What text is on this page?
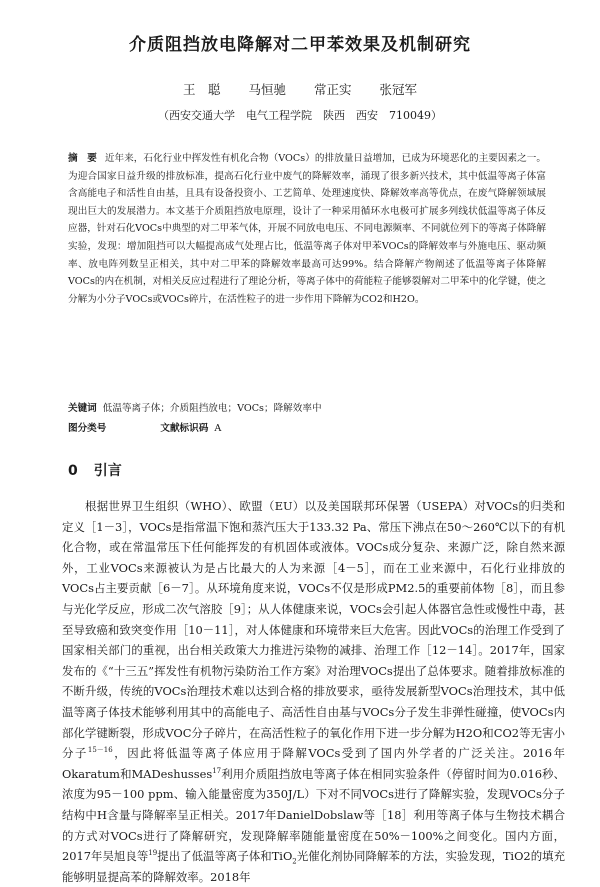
介质阻挡放电降解对二甲苯效果及机制研究
王　聪 马恒驰 常正实 张冠军
（西安交通大学　电气工程学院　陕西　西安　710049）
摘　要 近年来，石化行业中挥发性有机化合物（VOCs）的排放量日益增加，已成为环境恶化的主要因素之一。为迎合国家日益升级的排放标准，提高石化行业中废气的降解效率，涌现了很多新兴技术，其中低温等离子体富含高能电子和活性自由基，且具有设备投资小、工艺简单、处理速度快、降解效率高等优点，在废气降解领域展现出巨大的发展潜力。本文基于介质阻挡放电原理，设计了一种采用循环水电极可扩展多列线状低温等离子体反应器，针对石化VOCs中典型的对二甲苯气体，开展不同放电电压、不同电源频率、不同就位列下的等离子体降解实验，发现：增加阻挡可以大幅提高成气处理占比，低温等离子体对甲苯VOCs的降解效率与外施电压、驱动频率、放电阵列数呈正相关，其中对二甲苯的降解效率最高可达99%。结合降解产物阐述了低温等离子体降解VOCs的内在机制，对相关反应过程进行了理论分析，等离子体中的荷能粒子能够裂解对二甲苯中的化学键，使之分解为小分子VOCs或VOCs碎片，在活性粒子的进一步作用下降解为CO2和H2O。
关键词 低温等离子体；介质阻挡放电；VOCs；降解效率中
图分类号	文献标识码 A
0 引言
根据世界卫生组织（WHO）、欧盟（EU）以及美国联邦环保署（USEPA）对VOCs的归类和定义［1－3］，VOCs是指常温下饱和蒸汽压大于133.32 Pa、常压下沸点在50～260℃以下的有机化合物，或在常温常压下任何能挥发的有机固体或液体。VOCs成分复杂、来源广泛，除自然来源外，工业VOCs来源被认为是占比最大的人为来源［4－5］，而在工业来源中，石化行业排放的VOCs占主要贡献［6－7］。从环境角度来说，VOCs不仅是形成PM2.5的重要前体物［8］，而且参与光化学反应，形成二次气溶胶［9］；从人体健康来说，VOCs会引起人体器官急性或慢性中毒，甚至导致癌和致突变作用［10－11］，对人体健康和环境带来巨大危害。因此VOCs的治理工作受到了国家相关部门的重视，出台相关政策大力推进污染物的减排、治理工作［12－14］。2017年，国家发布的《“十三五”挥发性有机物污染防治工作方案》对治理VOCs提出了总体要求。随着排放标准的不断升级，传统的VOCs治理技术难以达到合格的排放要求，亟待发展新型VOCs治理技术，其中低温等离子体技术能够利用其中的高能电子、高活性自由基与VOCs分子发生非弹性碰撞，使VOCs内部化学键断裂，形成VOC分子碎片，在高活性粒子的氧化作用下进一步分解为H2O和CO2等无害小分子$^{15-16}$，因此将低温等离子体应用于降解VOCs受到了国内外学者的广泛关注。2016年Okaratum和MADeshusses$^{17}$利用介质阻挡放电等离子体在相同实验条件（停留时间为0.016秒、浓度为95－100 ppm、输入能量密度为350J/L）下对不同VOCs进行了降解实验，发现VOCs分子结构中H含量与降解率呈正相关。2017年DanielDobslaw等［18］利用等离子体与生物技术耦合的方式对VOCs进行了降解研究，发现降解率随能量密度在50%－100%之间变化。国内方面，2017年吴旭良等$^{19}$提出了低温等离子体和TiO$_2$光催化剂协同降解苯的方法，实验发现，TiO2的填充能够明显提高苯的降解效率。2018年
